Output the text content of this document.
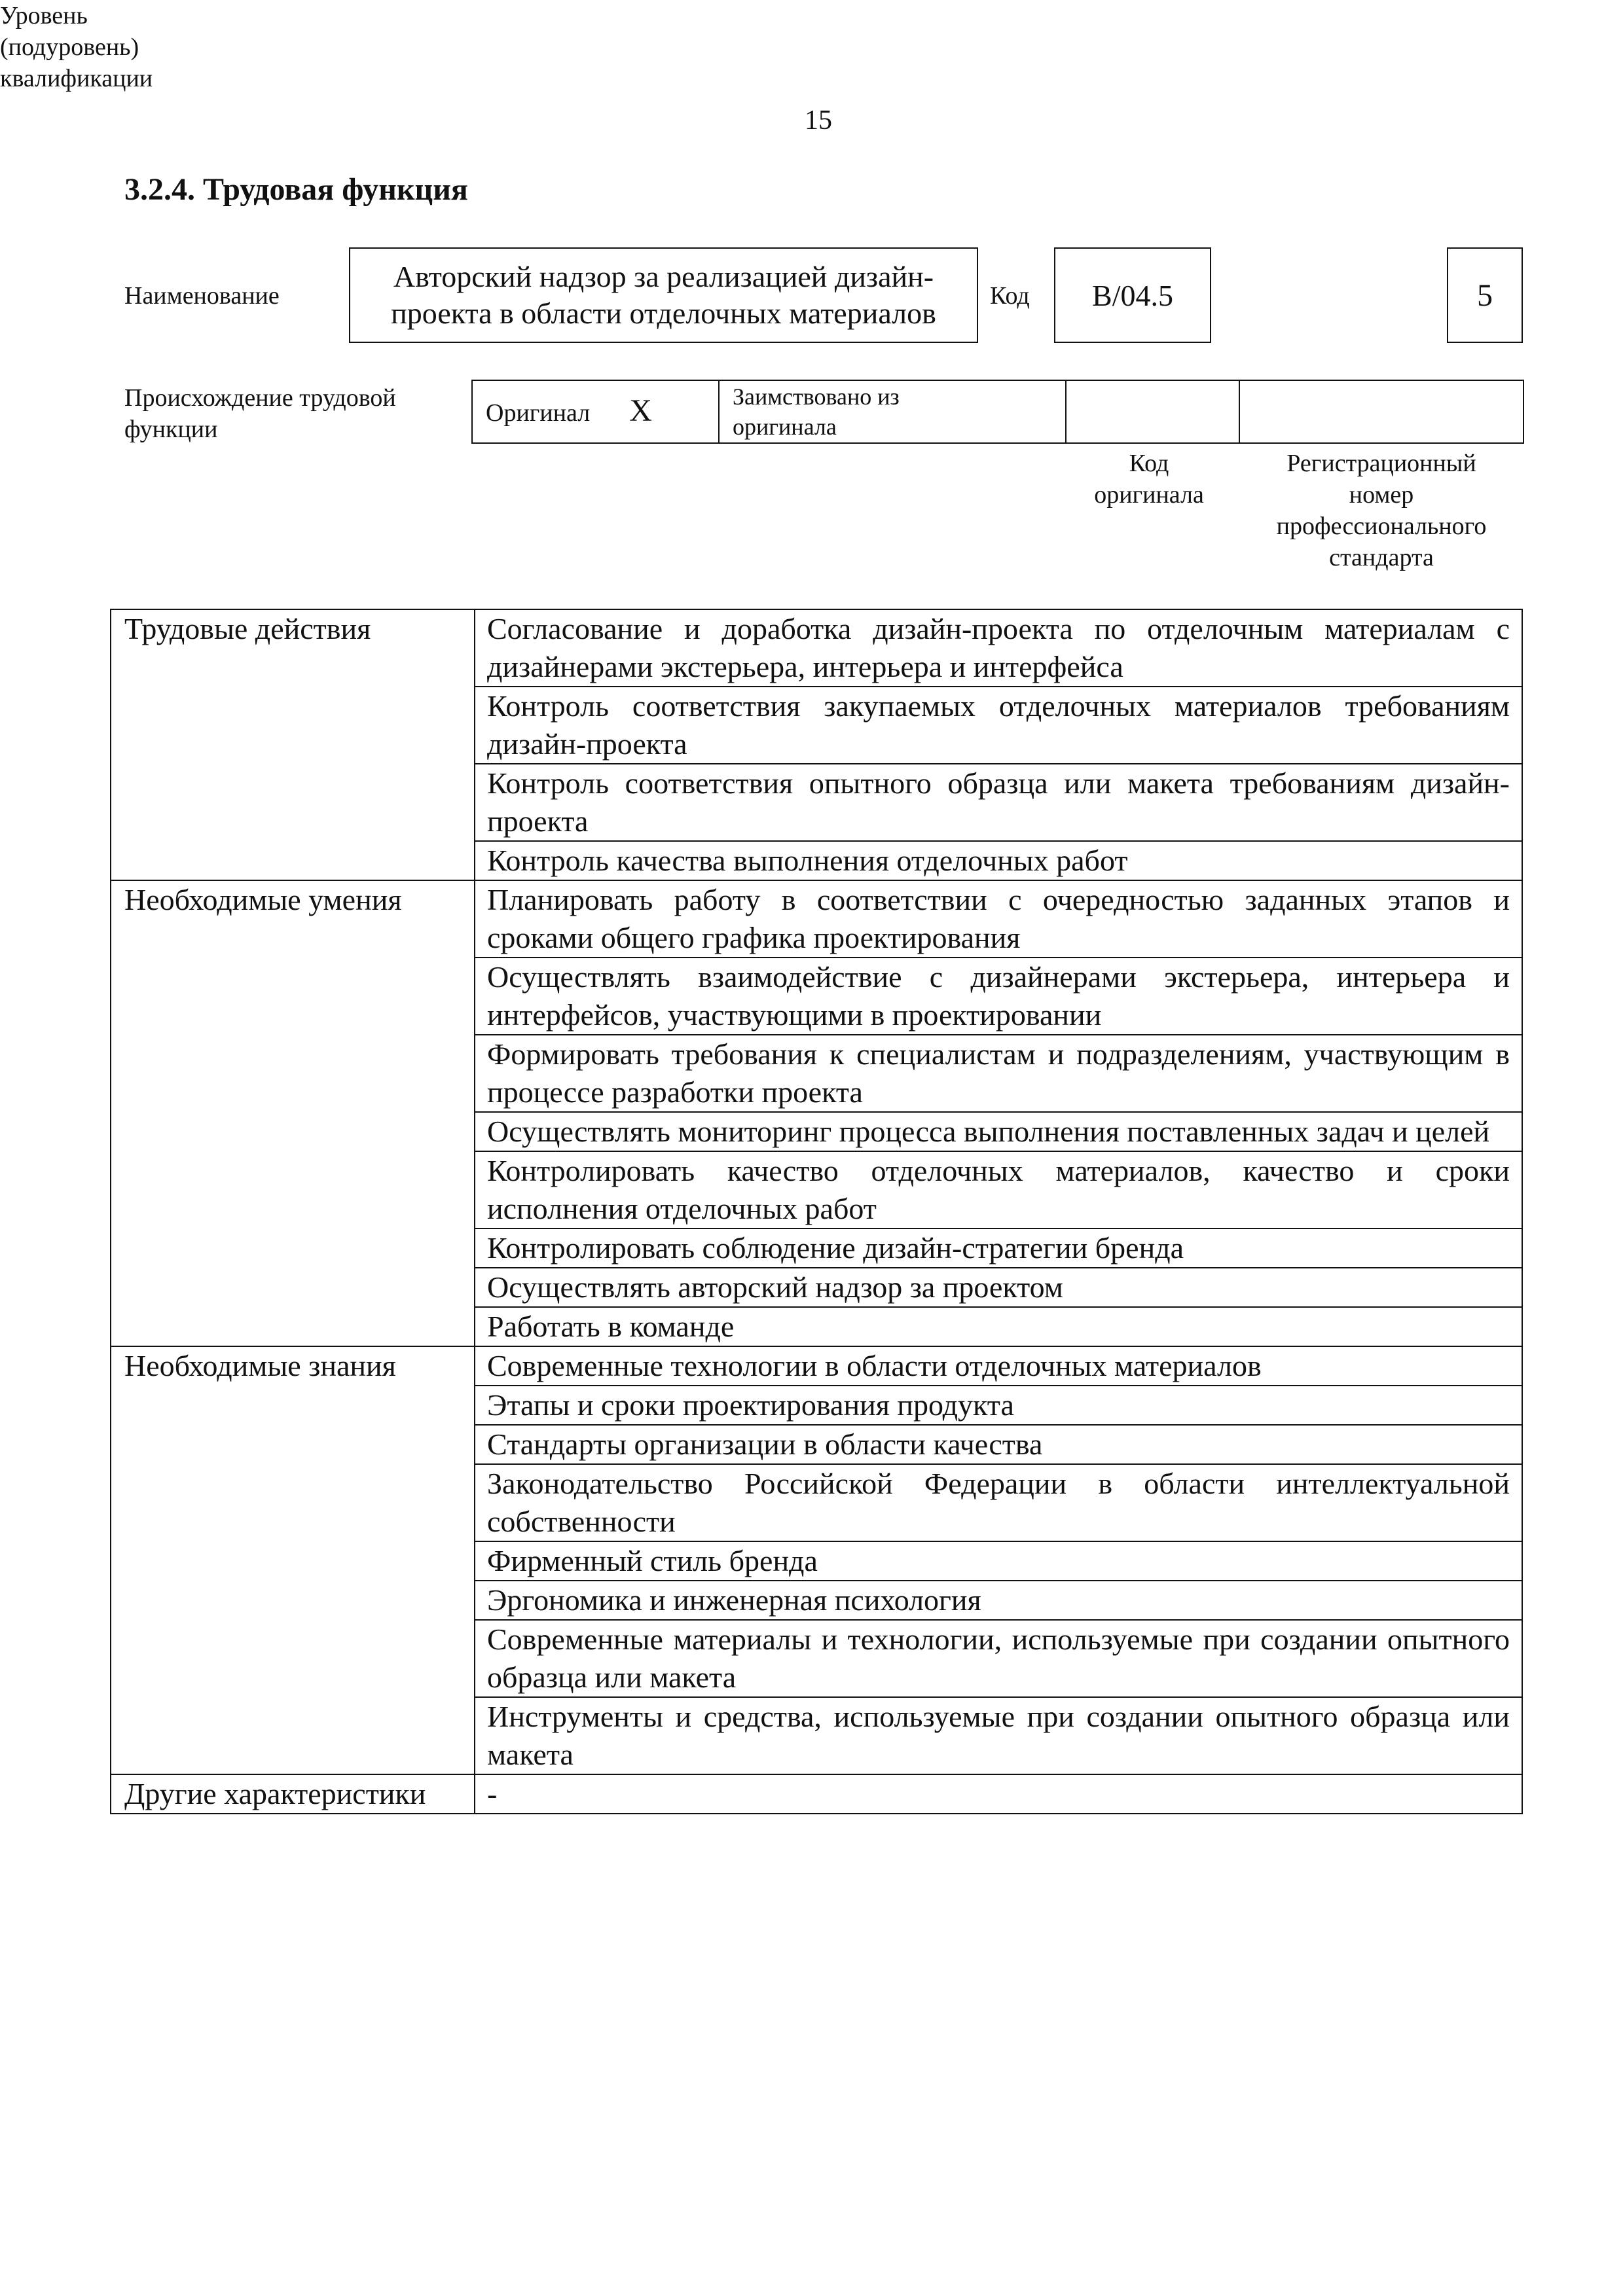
15
3.2.4. Трудовая функция
Наименование
Авторский надзор за реализацией дизайн-проекта в области отделочных материалов
Код B/04.5
Уровень
(подуровень)
квалификации
5
Происхождение трудовой
функции
Оригинал X	Заимствовано из
оригинала

Код
оригинала
Регистрационный
номер
профессионального
стандарта
Трудовые действия	Согласование и доработка дизайн-проекта по отделочным материалам с дизайнерами экстерьера, интерьера и интерфейса
	Контроль соответствия закупаемых отделочных материалов требованиям дизайн-проекта
	Контроль соответствия опытного образца или макета требованиям дизайн-проекта
	Контроль качества выполнения отделочных работ
Необходимые умения	Планировать работу в соответствии с очередностью заданных этапов и сроками общего графика проектирования
	Осуществлять взаимодействие с дизайнерами экстерьера, интерьера и интерфейсов, участвующими в проектировании
	Формировать требования к специалистам и подразделениям, участвующим в процессе разработки проекта
	Осуществлять мониторинг процесса выполнения поставленных задач и целей
	Контролировать качество отделочных материалов, качество и сроки исполнения отделочных работ
	Контролировать соблюдение дизайн-стратегии бренда
	Осуществлять авторский надзор за проектом
	Работать в команде
Необходимые знания	Современные технологии в области отделочных материалов
	Этапы и сроки проектирования продукта
	Стандарты организации в области качества
	Законодательство Российской Федерации в области интеллектуальной собственности
	Фирменный стиль бренда
	Эргономика и инженерная психология
	Современные материалы и технологии, используемые при создании опытного образца или макета
	Инструменты и средства, используемые при создании опытного образца или макета
Другие характеристики	-
